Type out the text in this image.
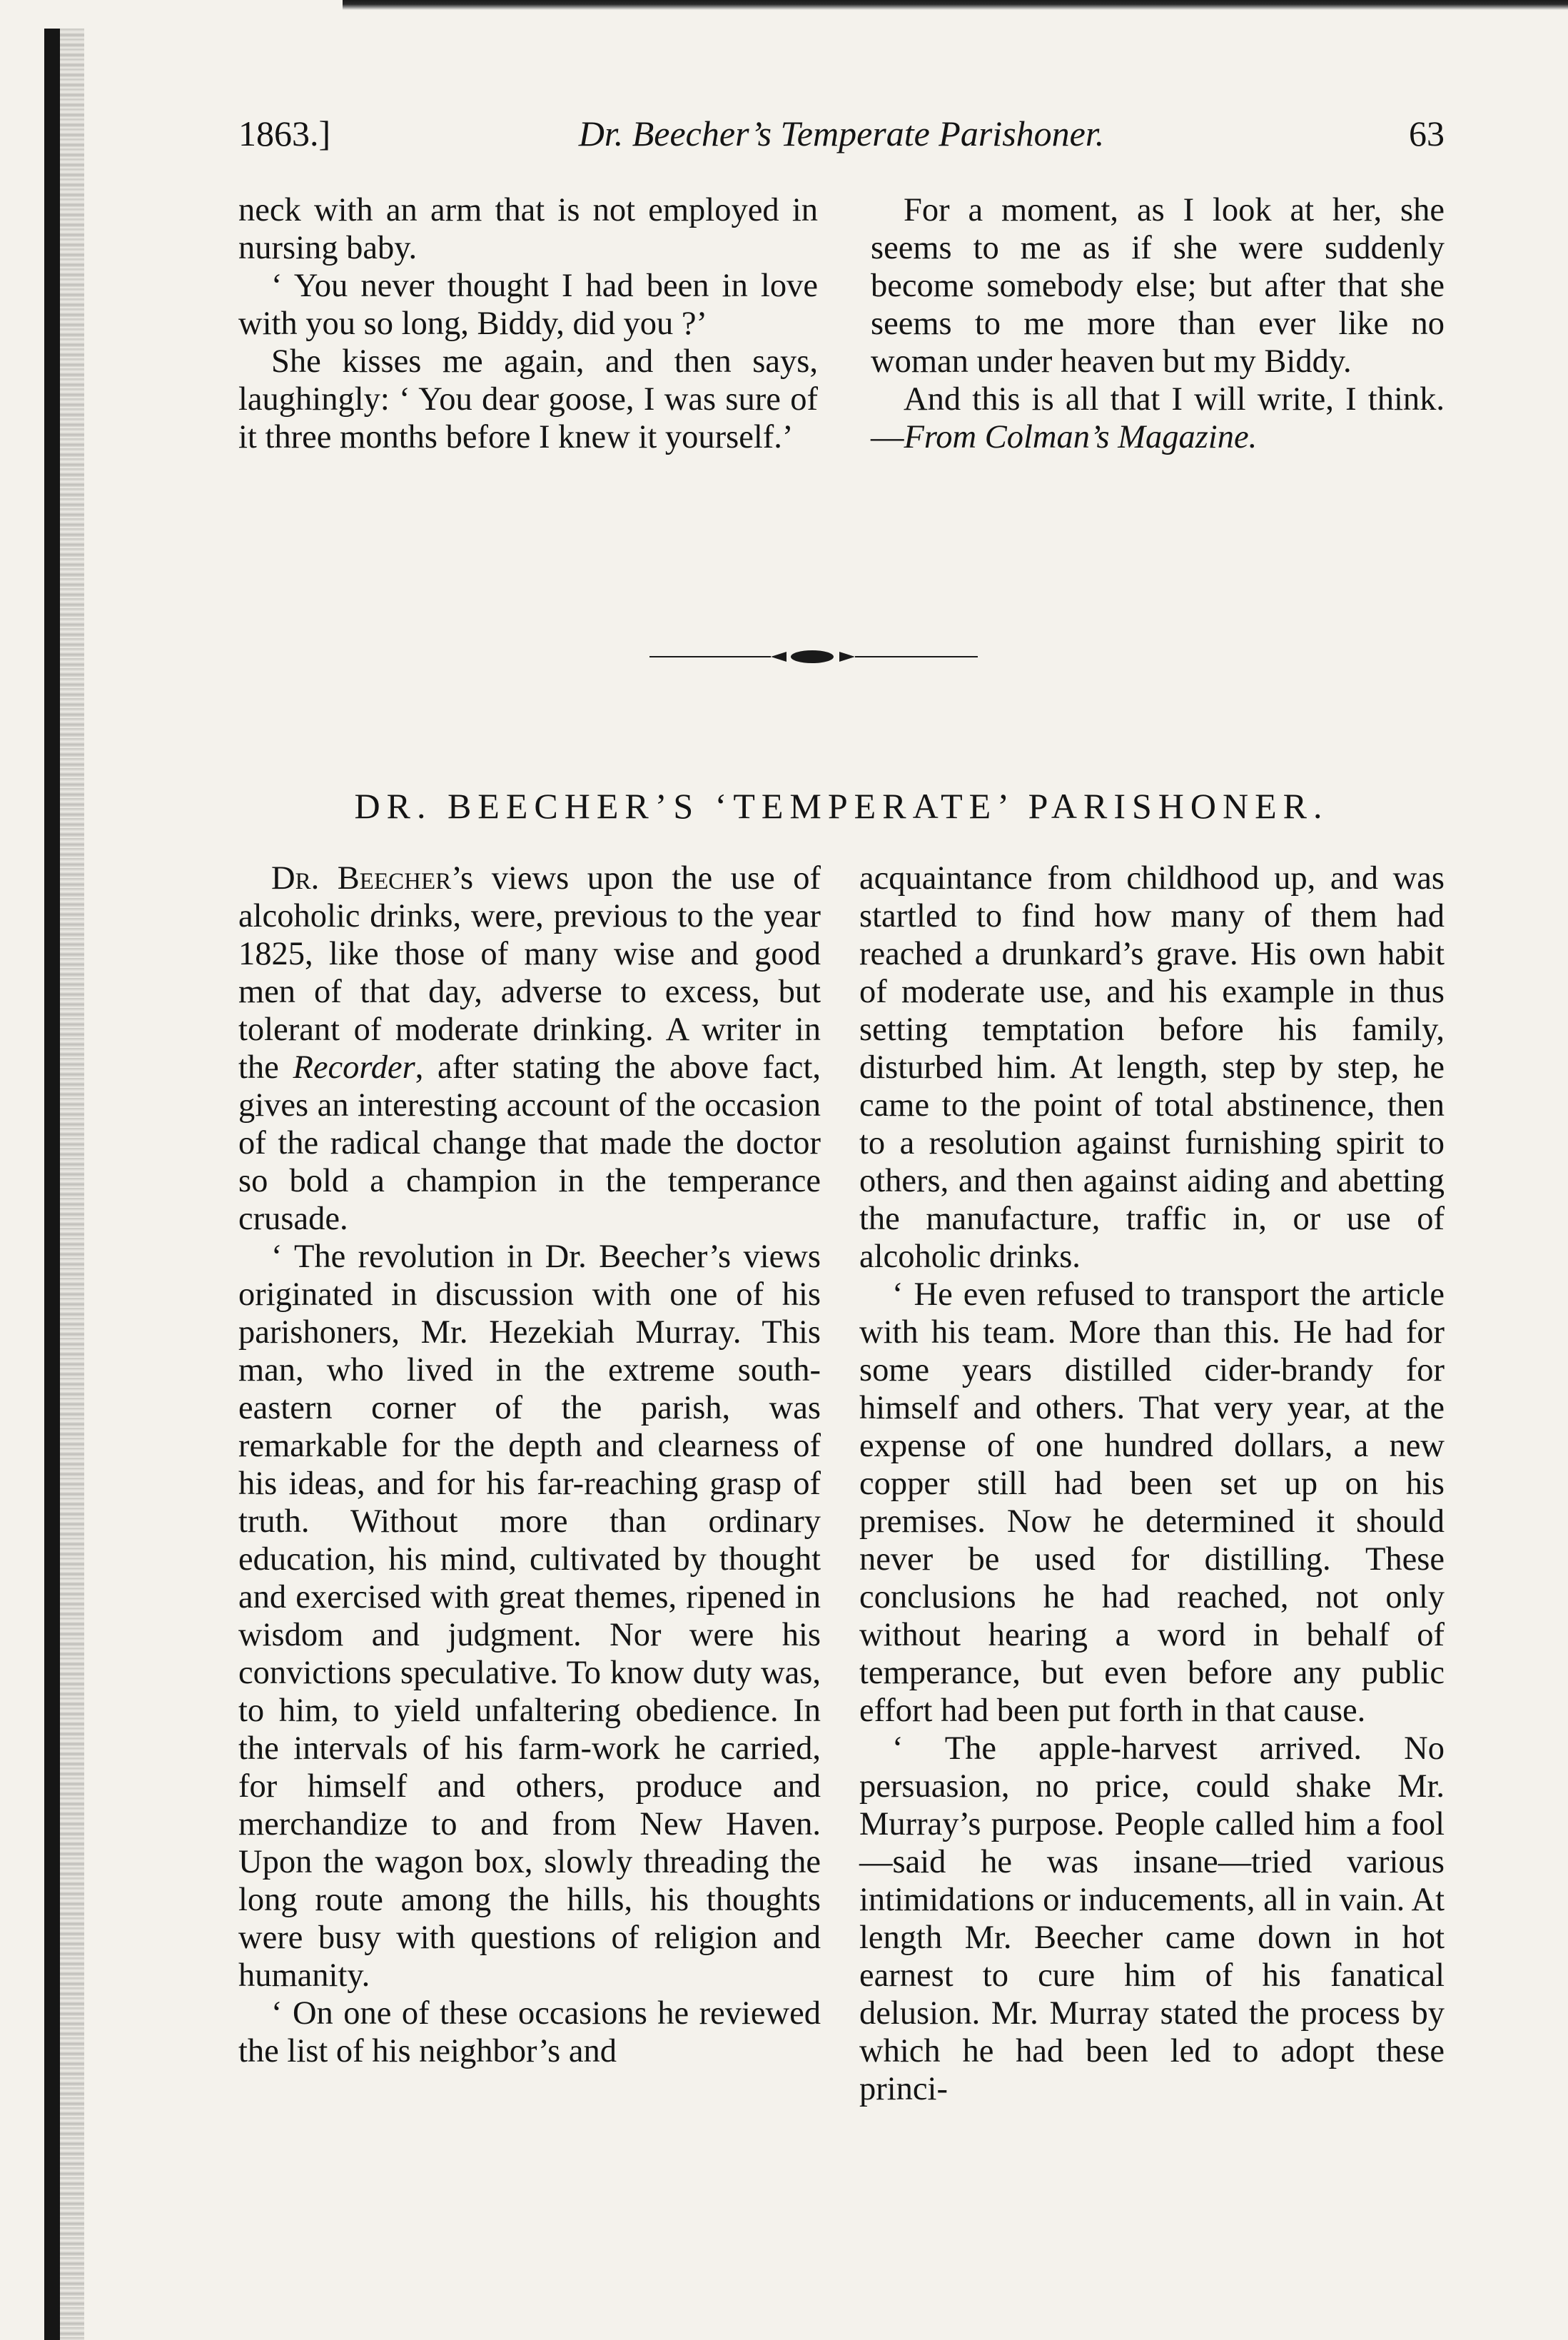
1863.]	Dr. Beecher’s Temperate Parishoner.	63

neck with an arm that is not employed in nursing baby.

‘ You never thought I had been in love with you so long, Biddy, did you ?’

She kisses me again, and then says, laughingly: ‘ You dear goose, I was sure of it three months before I knew it yourself.’

For a moment, as I look at her, she seems to me as if she were suddenly become somebody else; but after that she seems to me more than ever like no woman under heaven but my Biddy.

And this is all that I will write, I think.—From Colman’s Magazine.

DR. BEECHER’S ‘TEMPERATE’ PARISHONER.

Dr. Beecher’s views upon the use of alcoholic drinks, were, previous to the year 1825, like those of many wise and good men of that day, adverse to excess, but tolerant of moderate drinking. A writer in the Recorder, after stating the above fact, gives an interesting account of the occasion of the radical change that made the doctor so bold a champion in the temperance crusade.

‘ The revolution in Dr. Beecher’s views originated in discussion with one of his parishoners, Mr. Hezekiah Murray. This man, who lived in the extreme south-eastern corner of the parish, was remarkable for the depth and clearness of his ideas, and for his far-reaching grasp of truth. Without more than ordinary education, his mind, cultivated by thought and exercised with great themes, ripened in wisdom and judgment. Nor were his convictions speculative. To know duty was, to him, to yield unfaltering obedience. In the intervals of his farm-work he carried, for himself and others, produce and merchandize to and from New Haven. Upon the wagon box, slowly threading the long route among the hills, his thoughts were busy with questions of religion and humanity.

‘ On one of these occasions he reviewed the list of his neighbor’s and

acquaintance from childhood up, and was startled to find how many of them had reached a drunkard’s grave. His own habit of moderate use, and his example in thus setting temptation before his family, disturbed him. At length, step by step, he came to the point of total abstinence, then to a resolution against furnishing spirit to others, and then against aiding and abetting the manufacture, traffic in, or use of alcoholic drinks.

‘ He even refused to transport the article with his team. More than this. He had for some years distilled cider-brandy for himself and others. That very year, at the expense of one hundred dollars, a new copper still had been set up on his premises. Now he determined it should never be used for distilling. These conclusions he had reached, not only without hearing a word in behalf of temperance, but even before any public effort had been put forth in that cause.

‘ The apple-harvest arrived. No persuasion, no price, could shake Mr. Murray’s purpose. People called him a fool—said he was insane—tried various intimidations or inducements, all in vain. At length Mr. Beecher came down in hot earnest to cure him of his fanatical delusion. Mr. Murray stated the process by which he had been led to adopt these princi-
